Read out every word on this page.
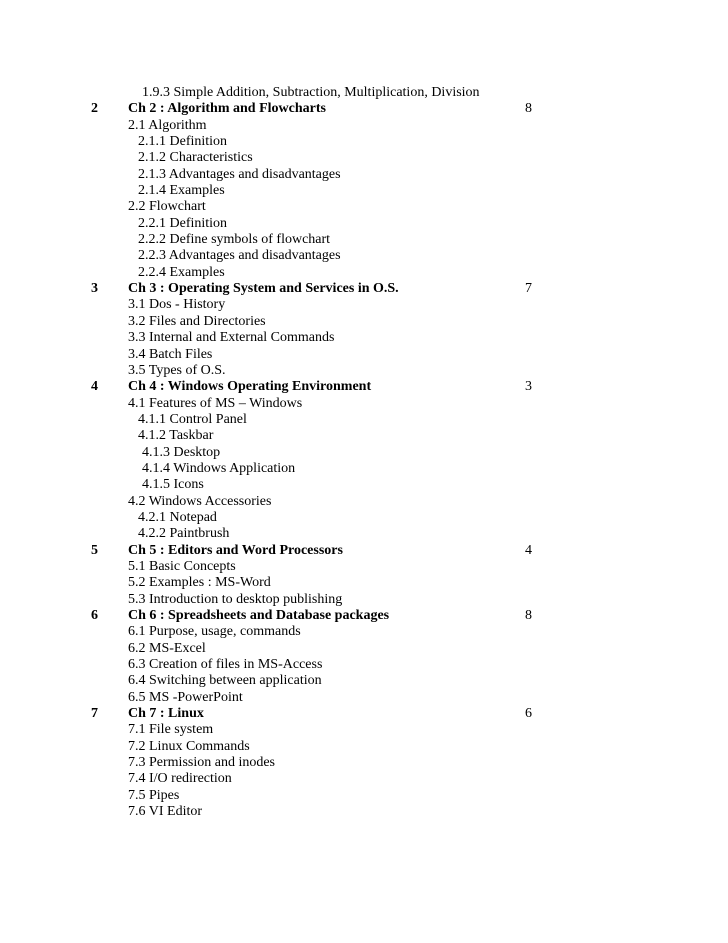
1.9.3 Simple Addition, Subtraction, Multiplication, Division
2 Ch 2 : Algorithm and Flowcharts	8
2.1 Algorithm
2.1.1 Definition
2.1.2 Characteristics
2.1.3 Advantages and disadvantages
2.1.4 Examples
2.2 Flowchart
2.2.1 Definition
2.2.2 Define symbols of flowchart
2.2.3 Advantages and disadvantages
2.2.4 Examples
3 Ch 3 : Operating System and Services in O.S.	7
3.1 Dos - History
3.2 Files and Directories
3.3 Internal and External Commands
3.4 Batch Files
3.5 Types of O.S.
4 Ch 4 : Windows Operating Environment	3
4.1 Features of MS – Windows
4.1.1 Control Panel
4.1.2 Taskbar
4.1.3 Desktop
4.1.4 Windows Application
4.1.5 Icons
4.2 Windows Accessories
4.2.1 Notepad
4.2.2 Paintbrush
5 Ch 5 : Editors and Word Processors	4
5.1 Basic Concepts
5.2 Examples : MS-Word
5.3 Introduction to desktop publishing
6 Ch 6 : Spreadsheets and Database packages	8
6.1 Purpose, usage, commands
6.2 MS-Excel
6.3 Creation of files in MS-Access
6.4 Switching between application
6.5 MS -PowerPoint
7 Ch 7 : Linux	6
7.1 File system
7.2 Linux Commands
7.3 Permission and inodes
7.4 I/O redirection
7.5 Pipes
7.6 VI Editor
